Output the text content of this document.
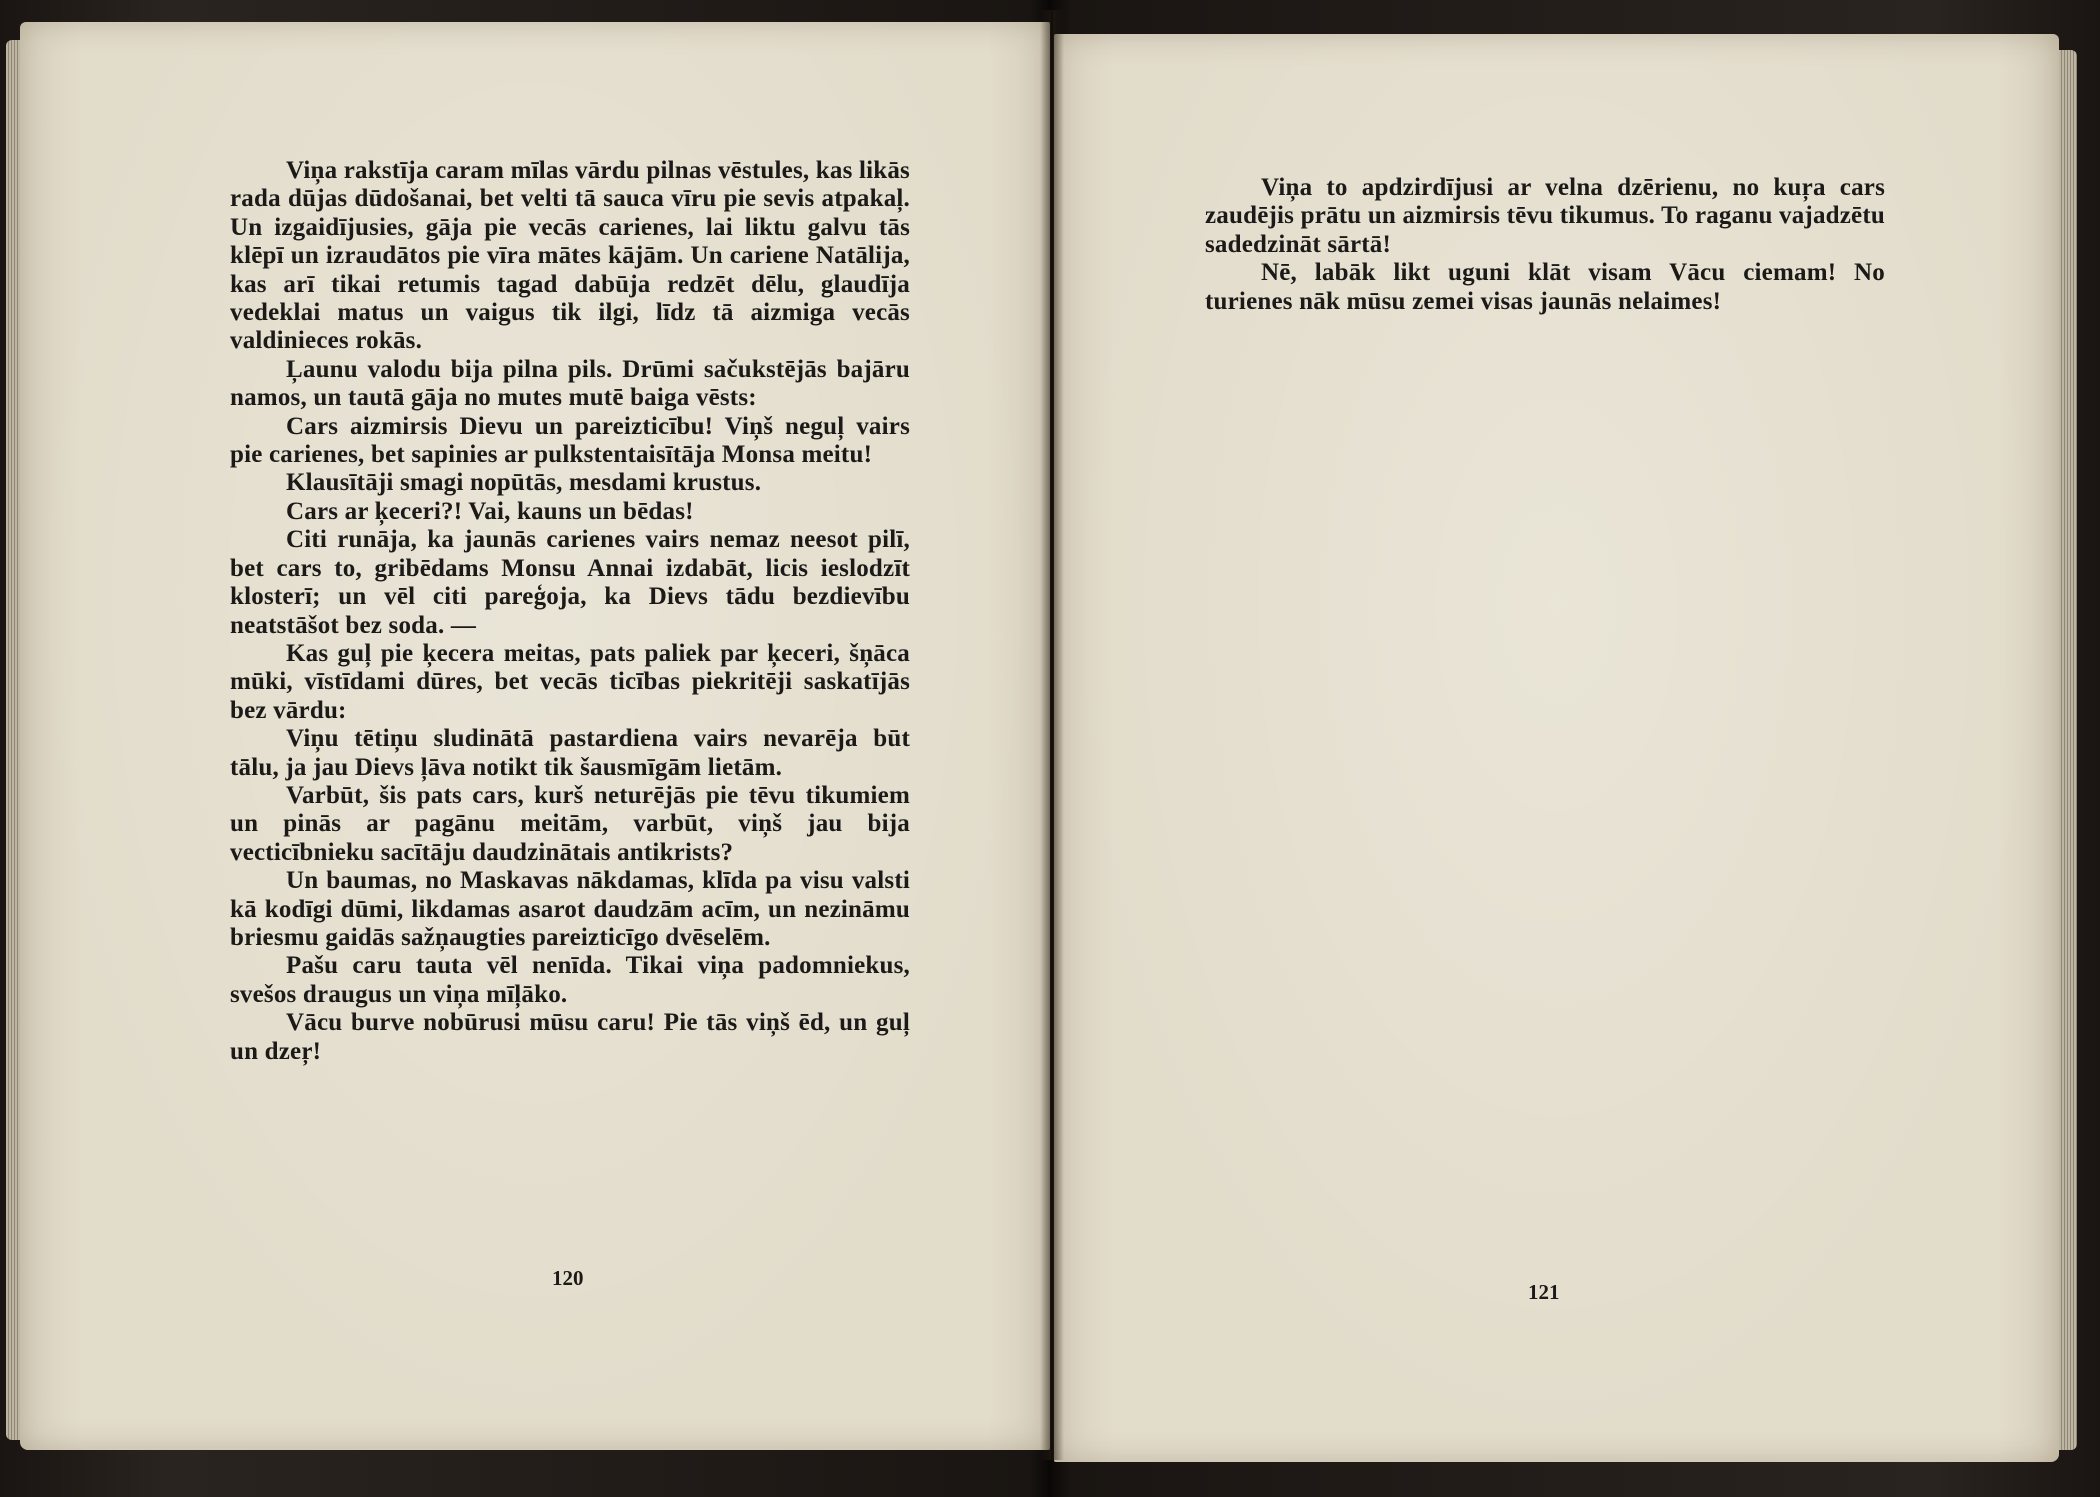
Viņa rakstīja caram mīlas vārdu pilnas vēstules, kas likās rada dūjas dūdošanai, bet velti tā sauca vīru pie sevis atpakaļ. Un izgaidījusies, gāja pie vecās carienes, lai liktu galvu tās klēpī un izraudātos pie vīra mātes kājām. Un cariene Natālija, kas arī tikai retumis tagad dabūja redzēt dēlu, glaudīja vedeklai matus un vaigus tik ilgi, līdz tā aizmiga vecās valdinieces rokās.

Ļaunu valodu bija pilna pils. Drūmi sačukstējās bajāru namos, un tautā gāja no mutes mutē baiga vēsts:

Cars aizmirsis Dievu un pareizticību! Viņš neguļ vairs pie carienes, bet sapinies ar pulkstentaisītāja Monsa meitu!

Klausītāji smagi nopūtās, mesdami krustus.

Cars ar ķeceri?! Vai, kauns un bēdas!

Citi runāja, ka jaunās carienes vairs nemaz neesot pilī, bet cars to, gribēdams Monsu Annai izdabāt, licis ieslodzīt klosterī; un vēl citi pareģoja, ka Dievs tādu bezdievību neatstāšot bez soda. —

Kas guļ pie ķecera meitas, pats paliek par ķeceri, šņāca mūki, vīstīdami dūres, bet vecās ticības piekritēji saskatījās bez vārdu:

Viņu tētiņu sludinātā pastardiena vairs nevarēja būt tālu, ja jau Dievs ļāva notikt tik šausmīgām lietām.

Varbūt, šis pats cars, kurš neturējās pie tēvu tikumiem un pinās ar pagānu meitām, varbūt, viņš jau bija vecticībnieku sacītāju daudzinātais antikrists?

Un baumas, no Maskavas nākdamas, klīda pa visu valsti kā kodīgi dūmi, likdamas asarot daudzām acīm, un nezināmu briesmu gaidās sažņaugties pareizticīgo dvēselēm.

Pašu caru tauta vēl nenīda. Tikai viņa padomniekus, svešos draugus un viņa mīļāko.

Vācu burve nobūrusi mūsu caru! Pie tās viņš ēd, un guļ un dzeŗ!

120

Viņa to apdzirdījusi ar velna dzērienu, no kuŗa cars zaudējis prātu un aizmirsis tēvu tikumus. To raganu vajadzētu sadedzināt sārtā!

Nē, labāk likt uguni klāt visam Vācu ciemam! No turienes nāk mūsu zemei visas jaunās nelaimes!

121
